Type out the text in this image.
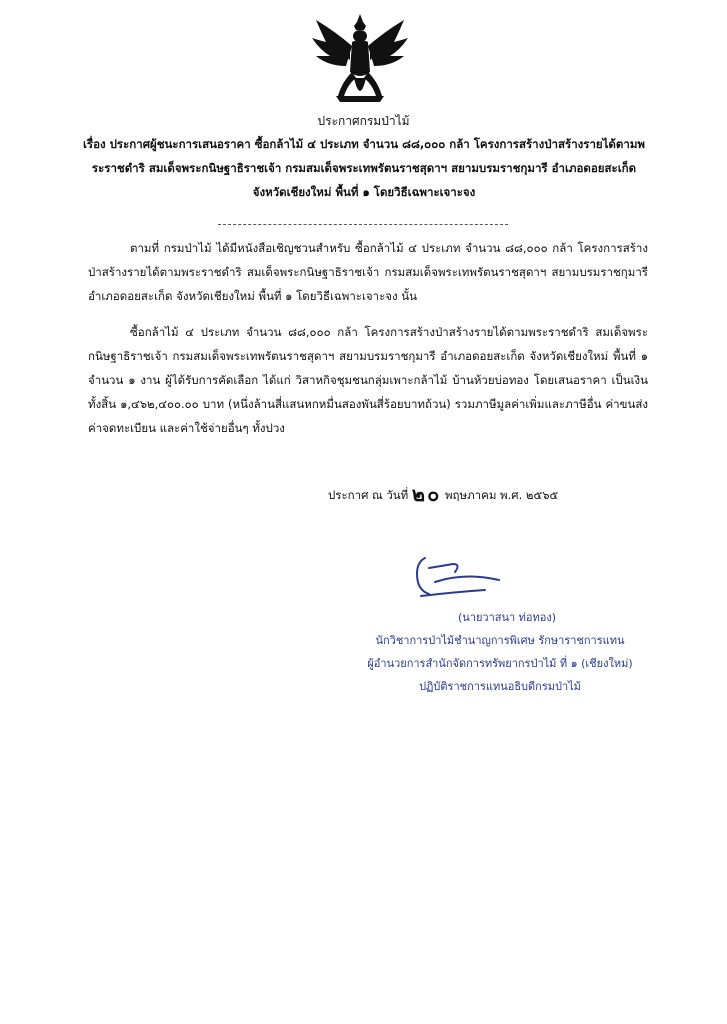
ประกาศกรมป่าไม้
เรื่อง ประกาศผู้ชนะการเสนอราคา ซื้อกล้าไม้ ๔ ประเภท จำนวน ๘๘,๐๐๐ กล้า โครงการสร้างป่าสร้างรายได้ตามพระราชดำริ สมเด็จพระกนิษฐาธิราชเจ้า กรมสมเด็จพระเทพรัตนราชสุดาฯ สยามบรมราชกุมารี อำเภอดอยสะเก็ด จังหวัดเชียงใหม่ พื้นที่ ๑ โดยวิธีเฉพาะเจาะจง
ตามที่ กรมป่าไม้ ได้มีหนังสือเชิญชวนสำหรับ ซื้อกล้าไม้ ๔ ประเภท จำนวน ๘๘,๐๐๐ กล้า โครงการสร้างป่าสร้างรายได้ตามพระราชดำริ สมเด็จพระกนิษฐาธิราชเจ้า กรมสมเด็จพระเทพรัตนราชสุดาฯ สยามบรมราชกุมารี อำเภอดอยสะเก็ด จังหวัดเชียงใหม่ พื้นที่ ๑ โดยวิธีเฉพาะเจาะจง นั้น
ซื้อกล้าไม้ ๔ ประเภท จำนวน ๘๘,๐๐๐ กล้า โครงการสร้างป่าสร้างรายได้ตามพระราชดำริ สมเด็จพระกนิษฐาธิราชเจ้า กรมสมเด็จพระเทพรัตนราชสุดาฯ สยามบรมราชกุมารี อำเภอดอยสะเก็ด จังหวัดเชียงใหม่ พื้นที่ ๑ จำนวน ๑ งาน ผู้ได้รับการคัดเลือก ได้แก่ วิสาหกิจชุมชนกลุ่มเพาะกล้าไม้ บ้านห้วยบ่อทอง โดยเสนอราคา เป็นเงินทั้งสิ้น ๑,๔๖๒,๔๐๐.๐๐ บาท (หนึ่งล้านสี่แสนหกหมื่นสองพันสี่ร้อยบาทถ้วน) รวมภาษีมูลค่าเพิ่มและภาษีอื่น ค่าขนส่ง ค่าจดทะเบียน และค่าใช้จ่ายอื่นๆ ทั้งปวง
ประกาศ ณ วันที่ ๒๐ พฤษภาคม พ.ศ. ๒๕๖๕
(นายวาสนา ท่อทอง)
นักวิชาการป่าไม้ชำนาญการพิเศษ รักษาราชการแทน
ผู้อำนวยการสำนักจัดการทรัพยากรป่าไม้ ที่ ๑ (เชียงใหม่)
ปฏิบัติราชการแทนอธิบดีกรมป่าไม้
